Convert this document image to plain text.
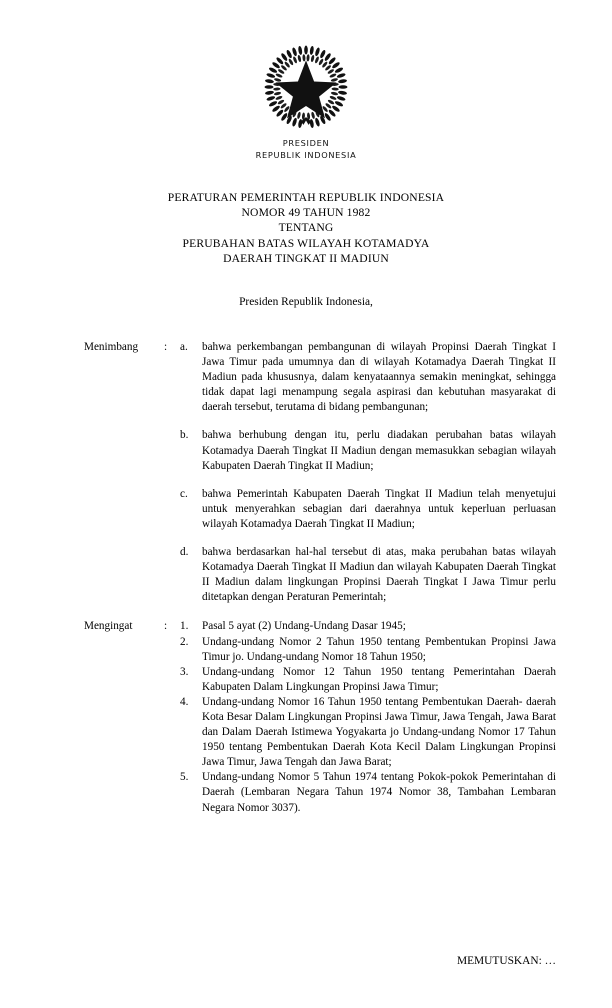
PRESIDEN
REPUBLIK INDONESIA
PERATURAN PEMERINTAH REPUBLIK INDONESIA
NOMOR 49 TAHUN 1982
TENTANG
PERUBAHAN BATAS WILAYAH KOTAMADYA
DAERAH TINGKAT II MADIUN
Presiden Republik Indonesia,
Menimbang	:	a.	bahwa perkembangan pembangunan di wilayah Propinsi Daerah Tingkat I Jawa Timur pada umumnya dan di wilayah Kotamadya Daerah Tingkat II Madiun pada khususnya, dalam kenyataannya semakin meningkat, sehingga tidak dapat lagi menampung segala aspirasi dan kebutuhan masyarakat di daerah tersebut, terutama di bidang pembangunan;
b.	bahwa berhubung dengan itu, perlu diadakan perubahan batas wilayah Kotamadya Daerah Tingkat II Madiun dengan memasukkan sebagian wilayah Kabupaten Daerah Tingkat II Madiun;
c.	bahwa Pemerintah Kabupaten Daerah Tingkat II Madiun telah menyetujui untuk menyerahkan sebagian dari daerahnya untuk keperluan perluasan wilayah Kotamadya Daerah Tingkat II Madiun;
d.	bahwa berdasarkan hal-hal tersebut di atas, maka perubahan batas wilayah Kotamadya Daerah Tingkat II Madiun dan wilayah Kabupaten Daerah Tingkat II Madiun dalam lingkungan Propinsi Daerah Tingkat I Jawa Timur perlu ditetapkan dengan Peraturan Pemerintah;
Mengingat	:	1.	Pasal 5 ayat (2) Undang-Undang Dasar 1945;
2.	Undang-undang Nomor 2 Tahun 1950 tentang Pembentukan Propinsi Jawa Timur jo. Undang-undang Nomor 18 Tahun 1950;
3.	Undang-undang Nomor 12 Tahun 1950 tentang Pemerintahan Daerah Kabupaten Dalam Lingkungan Propinsi Jawa Timur;
4.	Undang-undang Nomor 16 Tahun 1950 tentang Pembentukan Daerah- daerah Kota Besar Dalam Lingkungan Propinsi Jawa Timur, Jawa Tengah, Jawa Barat dan Dalam Daerah Istimewa Yogyakarta jo Undang-undang Nomor 17 Tahun 1950 tentang Pembentukan Daerah Kota Kecil Dalam Lingkungan Propinsi Jawa Timur, Jawa Tengah dan Jawa Barat;
5.	Undang-undang Nomor 5 Tahun 1974 tentang Pokok-pokok Pemerintahan di Daerah (Lembaran Negara Tahun 1974 Nomor 38, Tambahan Lembaran Negara Nomor 3037).
MEMUTUSKAN: …
